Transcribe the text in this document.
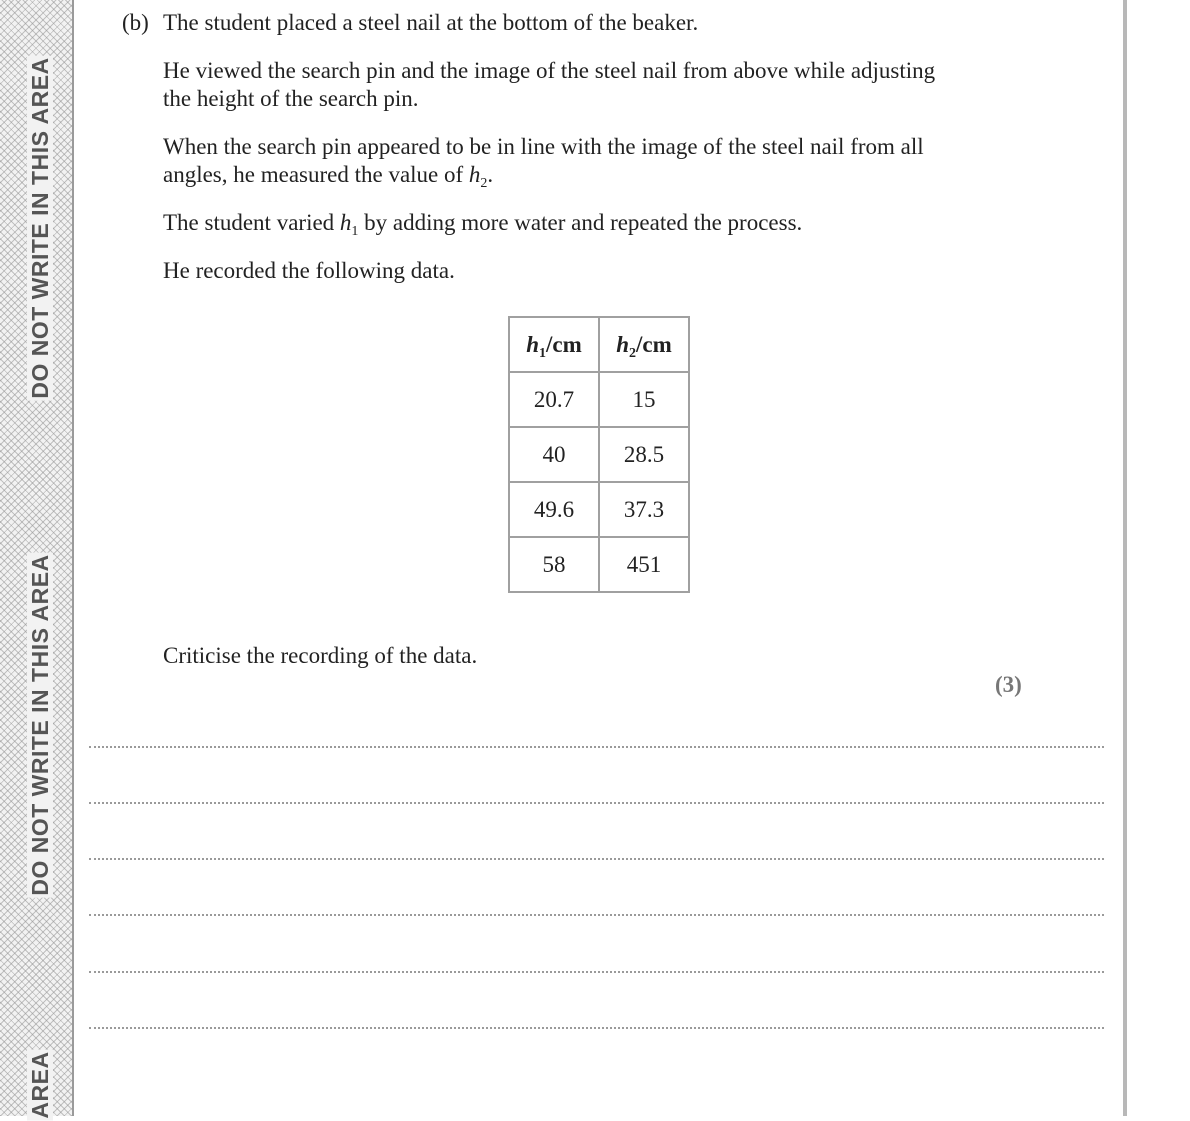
DO NOT WRITE IN THIS AREA
DO NOT WRITE IN THIS AREA
AREA
(b) The student placed a steel nail at the bottom of the beaker.

He viewed the search pin and the image of the steel nail from above while adjusting

the height of the search pin.

When the search pin appeared to be in line with the image of the steel nail from all

angles, he measured the value of $h_2$.

The student varied $h_1$ by adding more water and repeated the process.

He recorded the following data.

$h_1/cm$	$h_2/cm$
20.7	15
40	28.5
49.6	37.3
58	451

Criticise the recording of the data.

(3)
